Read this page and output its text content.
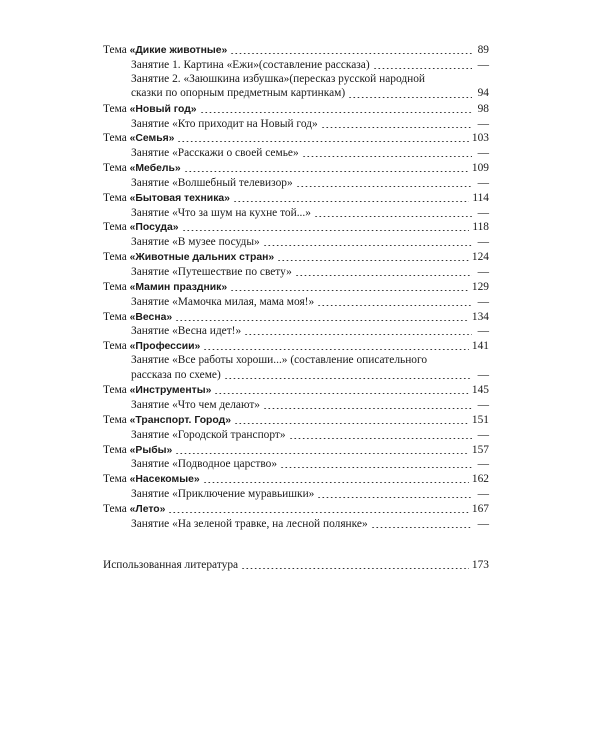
Тема «Дикие животные»	89
Занятие 1. Картина «Ежи»(составление рассказа)	—
Занятие 2. «Заюшкина избушка»(пересказ русской народной
сказки по опорным предметным картинкам)	94
Тема «Новый год»	98
Занятие «Кто приходит на Новый год»	—
Тема «Семья»	103
Занятие «Расскажи о своей семье»	—
Тема «Мебель»	109
Занятие «Волшебный телевизор»	—
Тема «Бытовая техника»	114
Занятие «Что за шум на кухне той...»	—
Тема «Посуда»	118
Занятие «В музее посуды»	—
Тема «Животные дальних стран»	124
Занятие «Путешествие по свету»	—
Тема «Мамин праздник»	129
Занятие «Мамочка милая, мама моя!»	—
Тема «Весна»	134
Занятие «Весна идет!»	—
Тема «Профессии»	141
Занятие «Все работы хороши...» (составление описательного
рассказа по схеме)	—
Тема «Инструменты»	145
Занятие «Что чем делают»	—
Тема «Транспорт. Город»	151
Занятие «Городской транспорт»	—
Тема «Рыбы»	157
Занятие «Подводное царство»	—
Тема «Насекомые»	162
Занятие «Приключение муравьишки»	—
Тема «Лето»	167
Занятие «На зеленой травке, на лесной полянке»	—
Использованная литература	173
